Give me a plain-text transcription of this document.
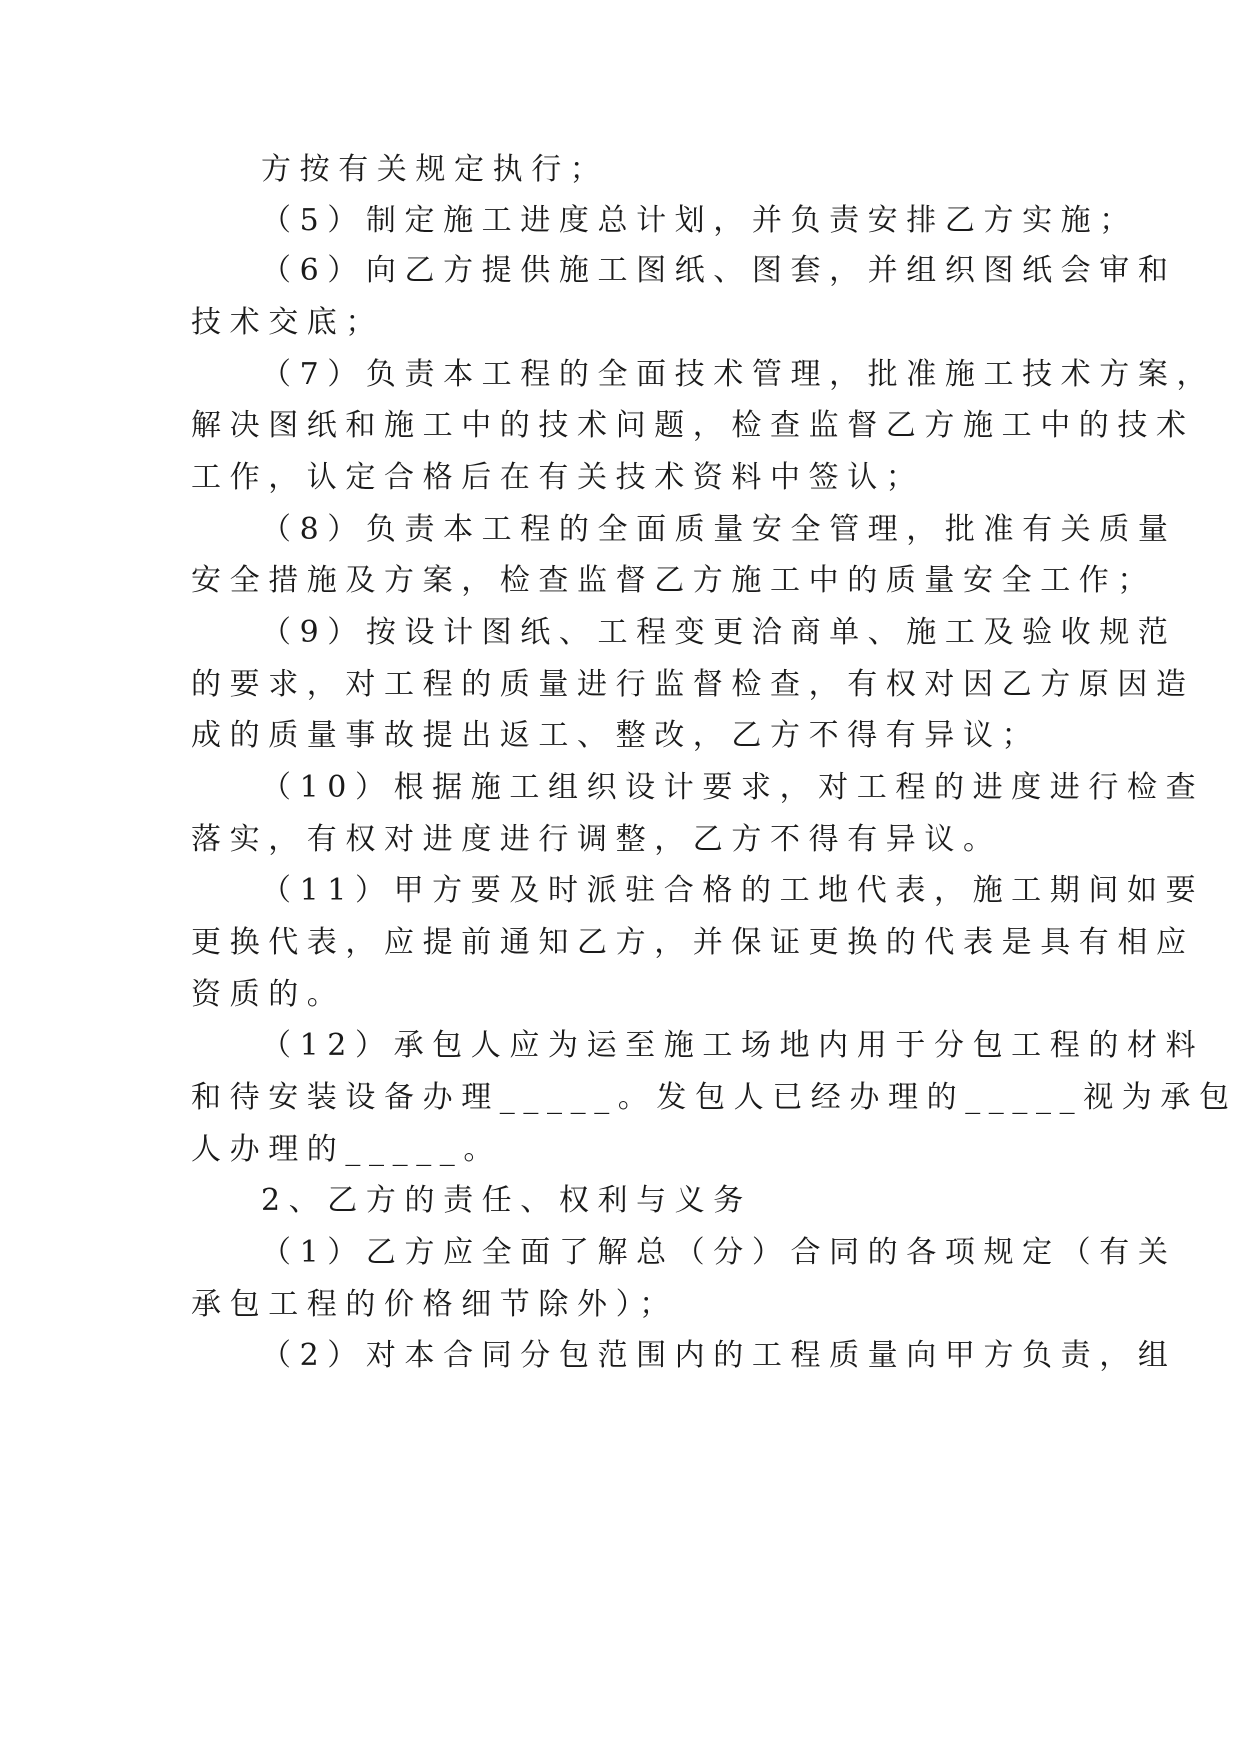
方按有关规定执行；
（5）制定施工进度总计划，并负责安排乙方实施；
（6）向乙方提供施工图纸、图套，并组织图纸会审和
技术交底；
（7）负责本工程的全面技术管理，批准施工技术方案，
解决图纸和施工中的技术问题，检查监督乙方施工中的技术
工作，认定合格后在有关技术资料中签认；
（8）负责本工程的全面质量安全管理，批准有关质量
安全措施及方案，检查监督乙方施工中的质量安全工作；
（9）按设计图纸、工程变更洽商单、施工及验收规范
的要求，对工程的质量进行监督检查，有权对因乙方原因造
成的质量事故提出返工、整改，乙方不得有异议；
（10）根据施工组织设计要求，对工程的进度进行检查
落实，有权对进度进行调整，乙方不得有异议。
（11）甲方要及时派驻合格的工地代表，施工期间如要
更换代表，应提前通知乙方，并保证更换的代表是具有相应
资质的。
（12）承包人应为运至施工场地内用于分包工程的材料
和待安装设备办理_____。发包人已经办理的_____视为承包
人办理的_____。
2、乙方的责任、权利与义务
（1）乙方应全面了解总（分）合同的各项规定（有关
承包工程的价格细节除外）；
（2）对本合同分包范围内的工程质量向甲方负责，组
